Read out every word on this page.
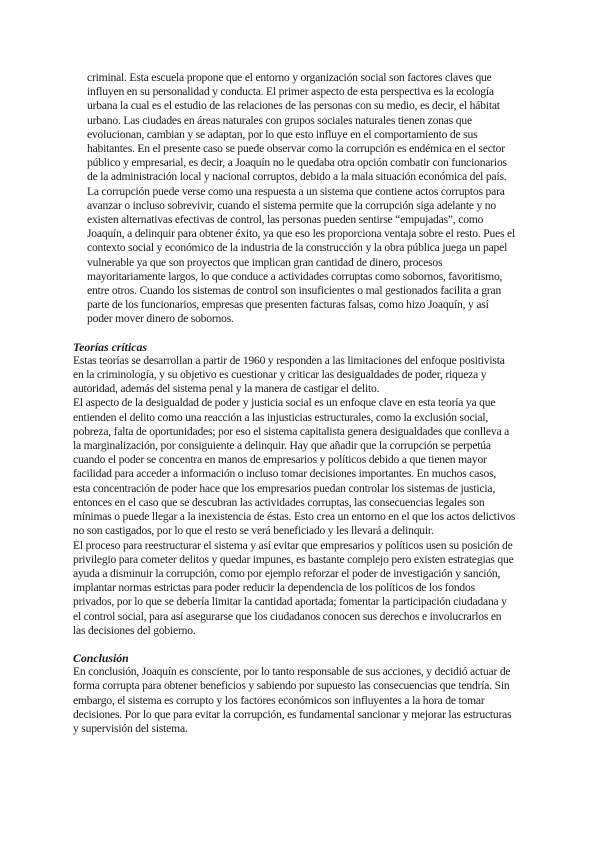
criminal. Esta escuela propone que el entorno y organización social son factores claves que influyen en su personalidad y conducta. El primer aspecto de esta perspectiva es la ecología urbana la cual es el estudio de las relaciones de las personas con su medio, es decir, el hábitat urbano. Las ciudades en áreas naturales con grupos sociales naturales tienen zonas que evolucionan, cambian y se adaptan, por lo que esto influye en el comportamiento de sus habitantes. En el presente caso se puede observar como la corrupción es endémica en el sector público y empresarial, es decir, a Joaquín no le quedaba otra opción combatir con funcionarios de la administración local y nacional corruptos, debido a la mala situación económica del país. La corrupción puede verse como una respuesta a un sistema que contiene actos corruptos para avanzar o incluso sobrevivir, cuando el sistema permite que la corrupción siga adelante y no existen alternativas efectivas de control, las personas pueden sentirse “empujadas”, como Joaquín, a delinquir para obtener éxito, ya que eso les proporciona ventaja sobre el resto. Pues el contexto social y económico de la industria de la construcción y la obra pública juega un papel vulnerable ya que son proyectos que implican gran cantidad de dinero, procesos mayoritariamente largos, lo que conduce a actividades corruptas como sobornos, favoritismo, entre otros. Cuando los sistemas de control son insuficientes o mal gestionados facilita a gran parte de los funcionarios, empresas que presenten facturas falsas, como hizo Joaquín, y así poder mover dinero de sobornos.

Teorías críticas

Estas teorías se desarrollan a partir de 1960 y responden a las limitaciones del enfoque positivista en la criminología, y su objetivo es cuestionar y criticar las desigualdades de poder, riqueza y autoridad, además del sistema penal y la manera de castigar el delito.

El aspecto de la desigualdad de poder y justicia social es un enfoque clave en esta teoría ya que entienden el delito como una reacción a las injusticias estructurales, como la exclusión social, pobreza, falta de oportunidades; por eso el sistema capitalista genera desigualdades que conlleva a la marginalización, por consiguiente a delinquir. Hay que añadir que la corrupción se perpetúa cuando el poder se concentra en manos de empresarios y políticos debido a que tienen mayor facilidad para acceder a información o incluso tomar decisiones importantes. En muchos casos, esta concentración de poder hace que los empresarios puedan controlar los sistemas de justicia, entonces en el caso que se descubran las actividades corruptas, las consecuencias legales son mínimas o puede llegar a la inexistencia de éstas. Esto crea un entorno en el que los actos delictivos no son castigados, por lo que el resto se verá beneficiado y les llevará a delinquir.

El proceso para reestructurar el sistema y así evitar que empresarios y políticos usen su posición de privilegio para cometer delitos y quedar impunes, es bastante complejo pero existen estrategias que ayuda a disminuir la corrupción, como por ejemplo reforzar el poder de investigación y sanción, implantar normas estrictas para poder reducir la dependencia de los políticos de los fondos privados, por lo que se debería limitar la cantidad aportada; fomentar la participación ciudadana y el control social, para así asegurarse que los ciudadanos conocen sus derechos e involucrarlos en las decisiones del gobierno.

Conclusión

En conclusión, Joaquín es consciente, por lo tanto responsable de sus acciones, y decidió actuar de forma corrupta para obtener beneficios y sabiendo por supuesto las consecuencias que tendría. Sin embargo, el sistema es corrupto y los factores económicos son influyentes a la hora de tomar decisiones. Por lo que para evitar la corrupción, es fundamental sancionar y mejorar las estructuras y supervisión del sistema.
